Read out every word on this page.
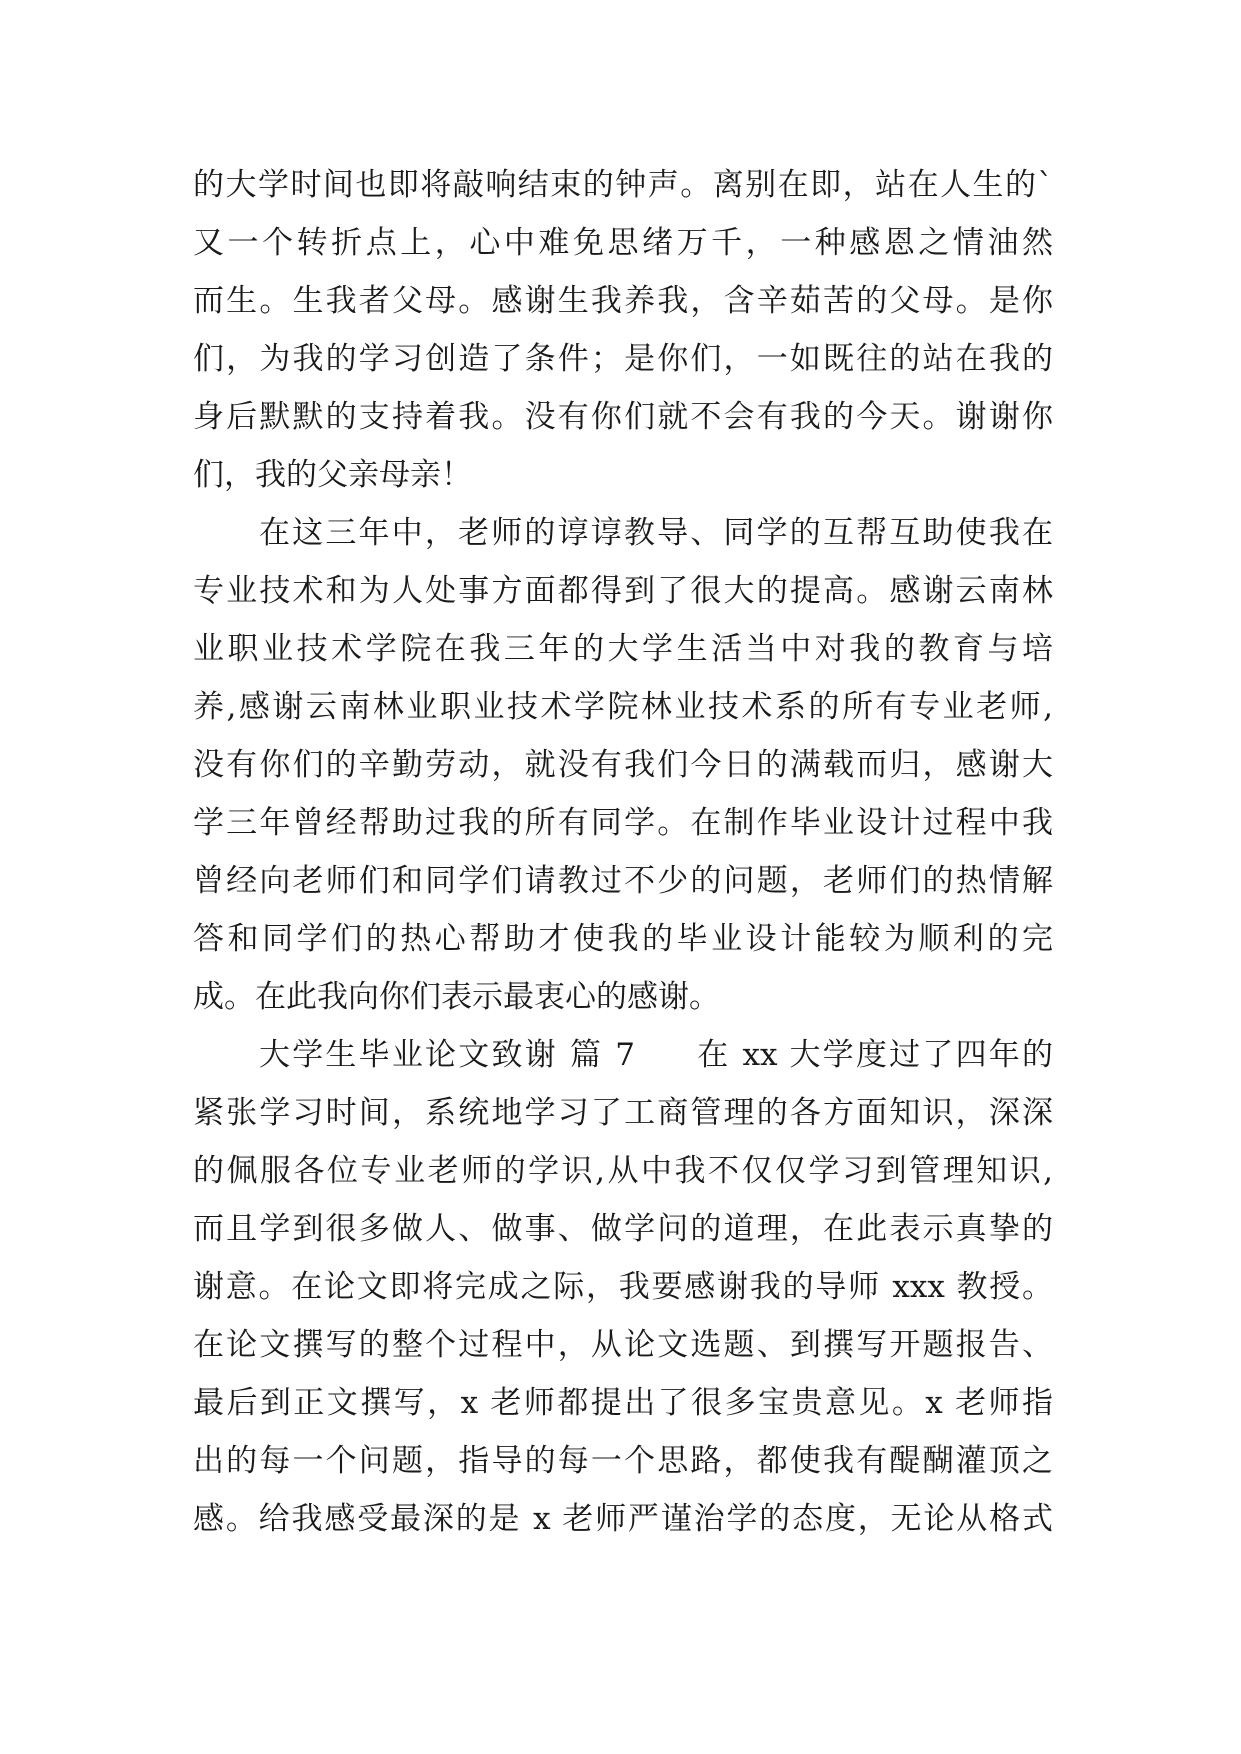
的大学时间也即将敲响结束的钟声。离别在即，站在人生的`
又一个转折点上，心中难免思绪万千，一种感恩之情油然
而生。生我者父母。感谢生我养我，含辛茹苦的父母。是你
们，为我的学习创造了条件；是你们，一如既往的站在我的
身后默默的支持着我。没有你们就不会有我的今天。谢谢你
们，我的父亲母亲！
在这三年中，老师的谆谆教导、同学的互帮互助使我在
专业技术和为人处事方面都得到了很大的提高。感谢云南林
业职业技术学院在我三年的大学生活当中对我的教育与培
养,感谢云南林业职业技术学院林业技术系的所有专业老师,
没有你们的辛勤劳动，就没有我们今日的满载而归，感谢大
学三年曾经帮助过我的所有同学。在制作毕业设计过程中我
曾经向老师们和同学们请教过不少的问题，老师们的热情解
答和同学们的热心帮助才使我的毕业设计能较为顺利的完
成。在此我向你们表示最衷心的感谢。
大学生毕业论文致谢 篇 7 在 xx 大学度过了四年的
紧张学习时间，系统地学习了工商管理的各方面知识，深深
的佩服各位专业老师的学识,从中我不仅仅学习到管理知识,
而且学到很多做人、做事、做学问的道理，在此表示真挚的
谢意。在论文即将完成之际，我要感谢我的导师 xxx 教授。
在论文撰写的整个过程中，从论文选题、到撰写开题报告、
最后到正文撰写，x 老师都提出了很多宝贵意见。x 老师指
出的每一个问题，指导的每一个思路，都使我有醍醐灌顶之
感。给我感受最深的是 x 老师严谨治学的态度，无论从格式
